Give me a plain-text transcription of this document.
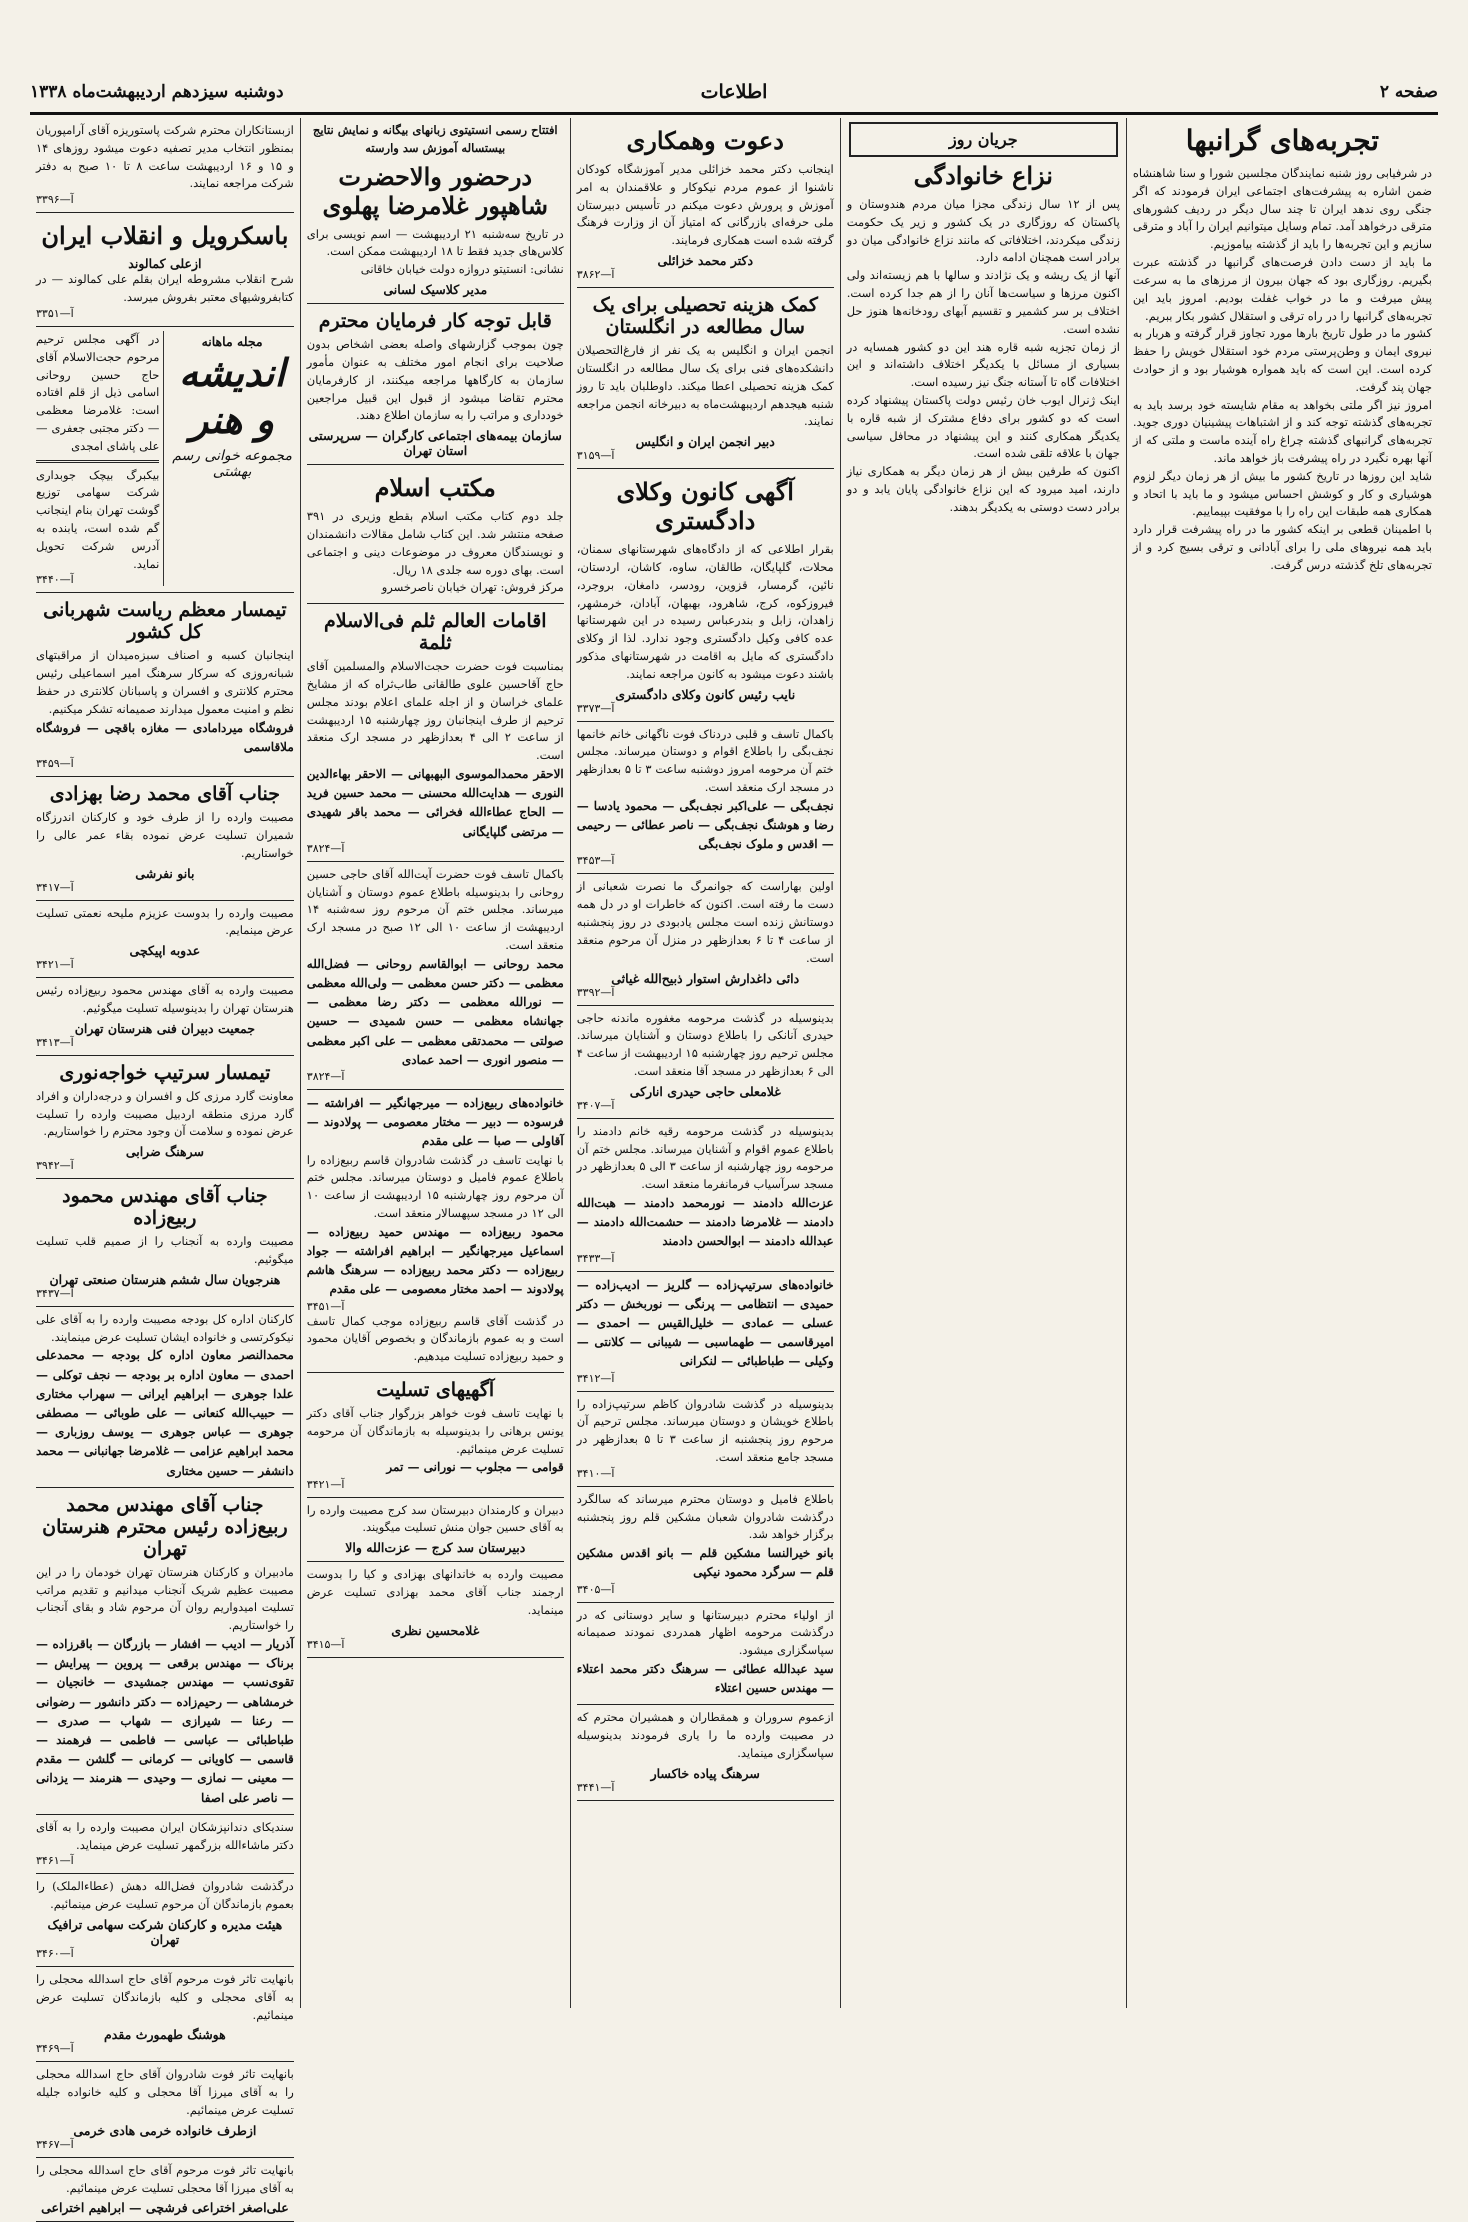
صفحه ۲
اطلاعات
دوشنبه سیزدهم اردیبهشت‌ماه ۱۳۳۸
تجربه‌های گرانبها
در شرفیابی روز شنبه نمایندگان مجلسین شورا و سنا شاهنشاه ضمن اشاره به پیشرفت‌های اجتماعی ایران فرمودند که اگر جنگی روی ندهد ایران تا چند سال دیگر در ردیف کشورهای مترقی درخواهد آمد. تمام وسایل میتوانیم ایران را آباد و مترقی سازیم و این تجربه‌ها را باید از گذشته بیاموزیم.
ما باید از دست دادن فرصت‌های گرانبها در گذشته عبرت بگیریم. روزگاری بود که جهان بیرون از مرزهای ما به سرعت پیش میرفت و ما در خواب غفلت بودیم. امروز باید این تجربه‌های گرانبها را در راه ترقی و استقلال کشور بکار ببریم.
کشور ما در طول تاریخ بارها مورد تجاوز قرار گرفته و هربار به نیروی ایمان و وطن‌پرستی مردم خود استقلال خویش را حفظ کرده است. این است که باید همواره هوشیار بود و از حوادث جهان پند گرفت.
امروز نیز اگر ملتی بخواهد به مقام شایسته خود برسد باید به تجربه‌های گذشته توجه کند و از اشتباهات پیشینیان دوری جوید. تجربه‌های گرانبهای گذشته چراغ راه آینده ماست و ملتی که از آنها بهره نگیرد در راه پیشرفت باز خواهد ماند.
شاید این روزها در تاریخ کشور ما بیش از هر زمان دیگر لزوم هوشیاری و کار و کوشش احساس میشود و ما باید با اتحاد و همکاری همه طبقات این راه را با موفقیت بپیماییم.
با اطمینان قطعی بر اینکه کشور ما در راه پیشرفت قرار دارد باید همه نیروهای ملی را برای آبادانی و ترقی بسیج کرد و از تجربه‌های تلخ گذشته درس گرفت.
جریان روز
نزاع خانوادگی
پس از ۱۲ سال زندگی مجزا میان مردم هندوستان و پاکستان که روزگاری در یک کشور و زیر یک حکومت زندگی میکردند، اختلافاتی که مانند نزاع خانوادگی میان دو برادر است همچنان ادامه دارد.
آنها از یک ریشه و یک نژادند و سالها با هم زیسته‌اند ولی اکنون مرزها و سیاست‌ها آنان را از هم جدا کرده است. اختلاف بر سر کشمیر و تقسیم آبهای رودخانه‌ها هنوز حل نشده است.
از زمان تجزیه شبه قاره هند این دو کشور همسایه در بسیاری از مسائل با یکدیگر اختلاف داشته‌اند و این اختلافات گاه تا آستانه جنگ نیز رسیده است.
اینک ژنرال ایوب خان رئیس دولت پاکستان پیشنهاد کرده است که دو کشور برای دفاع مشترک از شبه قاره با یکدیگر همکاری کنند و این پیشنهاد در محافل سیاسی جهان با علاقه تلقی شده است.
اکنون که طرفین بیش از هر زمان دیگر به همکاری نیاز دارند، امید میرود که این نزاع خانوادگی پایان یابد و دو برادر دست دوستی به یکدیگر بدهند.
دعوت وهمکاری
اینجانب دکتر محمد خزائلی مدیر آموزشگاه کودکان ناشنوا از عموم مردم نیکوکار و علاقمندان به امر آموزش و پرورش دعوت میکنم در تأسیس دبیرستان ملی حرفه‌ای بازرگانی که امتیاز آن از وزارت فرهنگ گرفته شده است همکاری فرمایند.
دکتر محمد خزائلی
آ—۳۸۶۲
کمک هزینه تحصیلی برای یک سال مطالعه در انگلستان
انجمن ایران و انگلیس به یک نفر از فارغ‌التحصیلان دانشکده‌های فنی برای یک سال مطالعه در انگلستان کمک هزینه تحصیلی اعطا میکند. داوطلبان باید تا روز شنبه هیجدهم اردیبهشت‌ماه به دبیرخانه انجمن مراجعه نمایند.
دبیر انجمن ایران و انگلیس
آ—۳۱۵۹
آگهی کانون وکلای دادگستری
بقرار اطلاعی که از دادگاه‌های شهرستانهای سمنان، محلات، گلپایگان، طالقان، ساوه، کاشان، اردستان، نائین، گرمسار، قزوین، رودسر، دامغان، بروجرد، فیروزکوه، کرج، شاهرود، بهبهان، آبادان، خرمشهر، زاهدان، زابل و بندرعباس رسیده در این شهرستانها عده کافی وکیل دادگستری وجود ندارد. لذا از وکلای دادگستری که مایل به اقامت در شهرستانهای مذکور باشند دعوت میشود به کانون مراجعه نمایند.
نایب رئیس کانون وکلای دادگستری
آ—۳۳۷۳
باکمال تاسف و قلبی دردناک فوت ناگهانی خانم خانمها نجف‌بگی را باطلاع اقوام و دوستان میرساند. مجلس ختم آن مرحومه امروز دوشنبه ساعت ۳ تا ۵ بعدازظهر در مسجد ارک منعقد است.
نجف‌بگی — علی‌اکبر نجف‌بگی — محمود یادسا — رضا و هوشنگ نجف‌بگی — ناصر عطائی — رحیمی — اقدس و ملوک نجف‌بگی
آ—۳۴۵۳
اولین بهاراست که جوانمرگ ما نصرت شعبانی از دست ما رفته است. اکنون که خاطرات او در دل همه دوستانش زنده است مجلس یادبودی در روز پنجشنبه از ساعت ۴ تا ۶ بعدازظهر در منزل آن مرحوم منعقد است.
دائی داغدارش استوار ذبیح‌الله غیاثی
آ—۳۳۹۲
بدینوسیله در گذشت مرحومه مغفوره ماندنه حاجی حیدری آنانکی را باطلاع دوستان و آشنایان میرساند. مجلس ترحیم روز چهارشنبه ۱۵ اردیبهشت از ساعت ۴ الی ۶ بعدازظهر در مسجد آقا منعقد است.
غلامعلی حاجی حیدری انارکی
آ—۳۴۰۷
بدینوسیله در گذشت مرحومه رقیه خانم دادمند را باطلاع عموم اقوام و آشنایان میرساند. مجلس ختم آن مرحومه روز چهارشنبه از ساعت ۳ الی ۵ بعدازظهر در مسجد سرآسیاب فرمانفرما منعقد است.
عزت‌الله دادمند — نورمحمد دادمند — هبت‌الله دادمند — غلامرضا دادمند — حشمت‌الله دادمند — عبدالله دادمند — ابوالحسن دادمند
آ—۳۴۳۳
خانواده‌های سرتیپ‌زاده — گلریز — ادیب‌زاده — حمیدی — انتظامی — پرنگی — نوربخش — دکتر عسلی — عمادی — خلیل‌القیس — احمدی — امیرقاسمی — طهماسبی — شیبانی — کلانتی — وکیلی — طباطبائی — لنکرانی
آ—۳۴۱۲
بدینوسیله در گذشت شادروان کاظم سرتیپ‌زاده را باطلاع خویشان و دوستان میرساند. مجلس ترحیم آن مرحوم روز پنجشنبه از ساعت ۳ تا ۵ بعدازظهر در مسجد جامع منعقد است.
آ—۳۴۱۰
باطلاع فامیل و دوستان محترم میرساند که سالگرد درگذشت شادروان شعبان مشکین قلم روز پنجشنبه برگزار خواهد شد.
بانو خیرالنسا مشکین قلم — بانو اقدس مشکین قلم — سرگرد محمود نیکپی
آ—۳۴۰۵
از اولیاء محترم دبیرستانها و سایر دوستانی که در درگذشت مرحومه اظهار همدردی نمودند صمیمانه سپاسگزاری میشود.
سید عبدالله عطائی — سرهنگ دکتر محمد اعتلاء — مهندس حسین اعتلاء
ازعموم سروران و همقطاران و همشیران محترم که در مصیبت وارده ما را یاری فرمودند بدینوسیله سپاسگزاری مینماید.
سرهنگ پیاده خاکسار
آ—۳۴۴۱
افتتاح رسمی انستیتوی زبانهای بیگانه و نمایش نتایج بیستساله آموزش سد وارسته
درحضور والاحضرت شاهپور غلامرضا پهلوی
در تاریخ سه‌شنبه ۲۱ اردیبهشت — اسم نویسی برای کلاس‌های جدید فقط تا ۱۸ اردیبهشت ممکن است.
نشانی: انستیتو دروازه دولت خیابان خاقانی
مدیر کلاسیک لسانی
قابل توجه کار فرمایان محترم
چون بموجب گزارشهای واصله بعضی اشخاص بدون صلاحیت برای انجام امور مختلف به عنوان مأمور سازمان به کارگاهها مراجعه میکنند، از کارفرمایان محترم تقاضا میشود از قبول این قبیل مراجعین خودداری و مراتب را به سازمان اطلاع دهند.
سازمان بیمه‌های اجتماعی کارگران — سرپرستی استان تهران
مکتب اسلام
جلد دوم کتاب مکتب اسلام بقطع وزیری در ۳۹۱ صفحه منتشر شد. این کتاب شامل مقالات دانشمندان و نویسندگان معروف در موضوعات دینی و اجتماعی است. بهای دوره سه جلدی ۱۸ ریال.
مرکز فروش: تهران خیابان ناصرخسرو
اقامات العالم ثلم فی‌الاسلام ثلمة
بمناسبت فوت حضرت حجت‌الاسلام والمسلمین آقای حاج آقاحسین علوی طالقانی طاب‌ثراه که از مشایخ علمای خراسان و از اجله علمای اعلام بودند مجلس ترحیم از طرف اینجانبان روز چهارشنبه ۱۵ اردیبهشت از ساعت ۲ الی ۴ بعدازظهر در مسجد ارک منعقد است.
الاحقر محمدالموسوی البهبهانی — الاحقر بهاءالدین النوری — هدایت‌الله محسنی — محمد حسین فرید — الحاج عطاءالله فخرائی — محمد باقر شهیدی — مرتضی گلپایگانی
آ—۳۸۲۴
باکمال تاسف فوت حضرت آیت‌الله آقای حاجی حسین روحانی را بدینوسیله باطلاع عموم دوستان و آشنایان میرساند. مجلس ختم آن مرحوم روز سه‌شنبه ۱۴ اردیبهشت از ساعت ۱۰ الی ۱۲ صبح در مسجد ارک منعقد است.
محمد روحانی — ابوالقاسم روحانی — فضل‌الله معظمی — دکتر حسن معظمی — ولی‌الله معظمی — نورالله معظمی — دکتر رضا معظمی — جهانشاه معظمی — حسن شمیدی — حسین صولتی — محمدتقی معظمی — علی اکبر معظمی — منصور انوری — احمد عمادی
آ—۳۸۲۴
خانواده‌های ربیع‌زاده — میرجهانگیر — افراشته — فرسوده — دبیر — مختار معصومی — پولادوند — آقاولی — صبا — علی مقدم
با نهایت تاسف در گذشت شادروان قاسم ربیع‌زاده را باطلاع عموم فامیل و دوستان میرساند. مجلس ختم آن مرحوم روز چهارشنبه ۱۵ اردیبهشت از ساعت ۱۰ الی ۱۲ در مسجد سپهسالار منعقد است.
محمود ربیع‌زاده — مهندس حمید ربیع‌زاده — اسماعیل میرجهانگیر — ابراهیم افراشته — جواد ربیع‌زاده — دکتر محمد ربیع‌زاده — سرهنگ هاشم پولادوند — احمد مختار معصومی — علی مقدم
آ—۳۴۵۱
در گذشت آقای قاسم ربیع‌زاده موجب کمال تاسف است و به عموم بازماندگان و بخصوص آقایان محمود و حمید ربیع‌زاده تسلیت میدهیم.
آگهیهای تسلیت
با نهایت تاسف فوت خواهر بزرگوار جناب آقای دکتر یونس برهانی را بدینوسیله به بازماندگان آن مرحومه تسلیت عرض مینمائیم.
قوامی — مجلوب — نورانی — تمر
آ—۳۴۲۱
دبیران و کارمندان دبیرستان سد کرج مصیبت وارده را به آقای حسین جوان منش تسلیت میگویند.
دبیرستان سد کرج — عزت‌الله والا
مصیبت وارده به خاندانهای بهزادی و کیا را بدوست ارجمند جناب آقای محمد بهزادی تسلیت عرض مینماید.
غلامحسین نظری
آ—۳۴۱۵
ازبستانکاران محترم شرکت پاستوریزه آقای آرامپوریان بمنظور انتخاب مدیر تصفیه دعوت میشود روزهای ۱۴ و ۱۵ و ۱۶ اردیبهشت ساعت ۸ تا ۱۰ صبح به دفتر شرکت مراجعه نمایند.
آ—۳۳۹۶
باسکرویل و انقلاب ایران
ازعلی کمالوند
شرح انقلاب مشروطه ایران بقلم علی کمالوند — در کتابفروشیهای معتبر بفروش میرسد.
آ—۳۳۵۱
مجله ماهانه
اندیشه و هنر
مجموعه خوانی رسم بهشتی
در آگهی مجلس ترحیم مرحوم حجت‌الاسلام آقای حاج حسین روحانی اسامی ذیل از قلم افتاده است: غلامرضا معظمی — دکتر مجتبی جعفری — علی پاشای امجدی
بیکبرگ بیچک جوبداری شرکت سهامی توزیع گوشت تهران بنام اینجانب گم شده است، یابنده به آدرس شرکت تحویل نماید.
آ—۳۴۴۰
تیمسار معظم ریاست شهربانی کل کشور
اینجانبان کسبه و اصناف سبزه‌میدان از مراقبتهای شبانه‌روزی که سرکار سرهنگ امیر اسماعیلی رئیس محترم کلانتری و افسران و پاسبانان کلانتری در حفظ نظم و امنیت معمول میدارند صمیمانه تشکر میکنیم.
فروشگاه میردامادی — مغازه باقچی — فروشگاه ملاقاسمی
آ—۳۴۵۹
جناب آقای محمد رضا بهزادی
مصیبت وارده را از طرف خود و کارکنان اندرزگاه شمیران تسلیت عرض نموده بقاء عمر عالی را خواستاریم.
بانو نفرشی
آ—۳۴۱۷
مصیبت وارده را بدوست عزیزم مليحه نعمتی تسلیت عرض مینمایم.
عدوبه اپیکچی
آ—۳۴۲۱
مصیبت وارده به آقای مهندس محمود ربیع‌زاده رئیس هنرستان تهران را بدینوسیله تسلیت میگوئیم.
جمعیت دبیران فنی هنرستان تهران
آ—۳۴۱۳
تیمسار سرتیپ خواجه‌نوری
معاونت گارد مرزی کل و افسران و درجه‌داران و افراد گارد مرزی منطقه اردبیل مصیبت وارده را تسلیت عرض نموده و سلامت آن وجود محترم را خواستاریم.
سرهنگ ضرابی
آ—۳۹۴۲
جناب آقای مهندس محمود ربیع‌زاده
مصیبت وارده به آنجناب را از صمیم قلب تسلیت میگوئیم.
هنرجویان سال ششم هنرستان صنعتی تهران
آ—۳۴۳۷
کارکنان اداره کل بودجه مصیبت وارده را به آقای علی نیکوکرتسی و خانواده ایشان تسلیت عرض مینمایند.
محمدالنصر معاون اداره کل بودجه — محمدعلی احمدی — معاون اداره بر بودجه — نجف توکلی — علدا جوهری — ابراهیم ایرانی — سهراب مختاری — حبیب‌الله کنعانی — علی طوبائی — مصطفی جوهری — عباس جوهری — یوسف روزباری — محمد ابراهیم عزامی — غلامرضا جهانبانی — محمد دانشفر — حسین مختاری
جناب آقای مهندس محمد ربیع‌زاده رئیس محترم هنرستان تهران
مادبیران و کارکنان هنرستان تهران خودمان را در این مصیبت عظیم شریک آنجناب میدانیم و تقدیم مراتب تسلیت امیدواریم روان آن مرحوم شاد و بقای آنجناب را خواستاریم.
آذریار — ادیب — افشار — بازرگان — باقرزاده — برناک — مهندس برقعی — پروین — پیرایش — تقوی‌نسب — مهندس جمشیدی — خانجیان — خرمشاهی — رحیم‌زاده — دکتر دانشور — رضوانی — رعنا — شیرازی — شهاب — صدری — طباطبائی — عباسی — فاطمی — فرهمند — قاسمی — کاویانی — کرمانی — گلشن — مقدم — معینی — نمازی — وحیدی — هنرمند — یزدانی — ناصر علی اصفا
سندیکای دندانپزشکان ایران مصیبت وارده را به آقای دکتر ماشاءالله بزرگمهر تسلیت عرض مینماید.
آ—۳۴۶۱
درگذشت شادروان فضل‌الله دهش (عطاءالملک) را بعموم بازماندگان آن مرحوم تسلیت عرض مینمائیم.
هیئت مدیره و کارکنان شرکت سهامی ترافیک تهران
آ—۳۴۶۰
بانهایت تاثر فوت مرحوم آقای حاج اسدالله محجلی را به آقای محجلی و کلیه بازماندگان تسلیت عرض مینمائیم.
هوشنگ طهمورث مقدم
آ—۳۴۶۹
بانهایت تاثر فوت شادروان آقای حاج اسدالله محجلی را به آقای میرزا آقا محجلی و کلیه خانواده جلیله تسلیت عرض مینمائیم.
ازطرف خانواده خرمی هادی خرمی
آ—۳۴۶۷
بانهایت تاثر فوت مرحوم آقای حاج اسدالله محجلی را به آقای میرزا آقا محجلی تسلیت عرض مینمائیم.
علی‌اصغر اختراعی فرشچی — ابراهیم اختراعی
